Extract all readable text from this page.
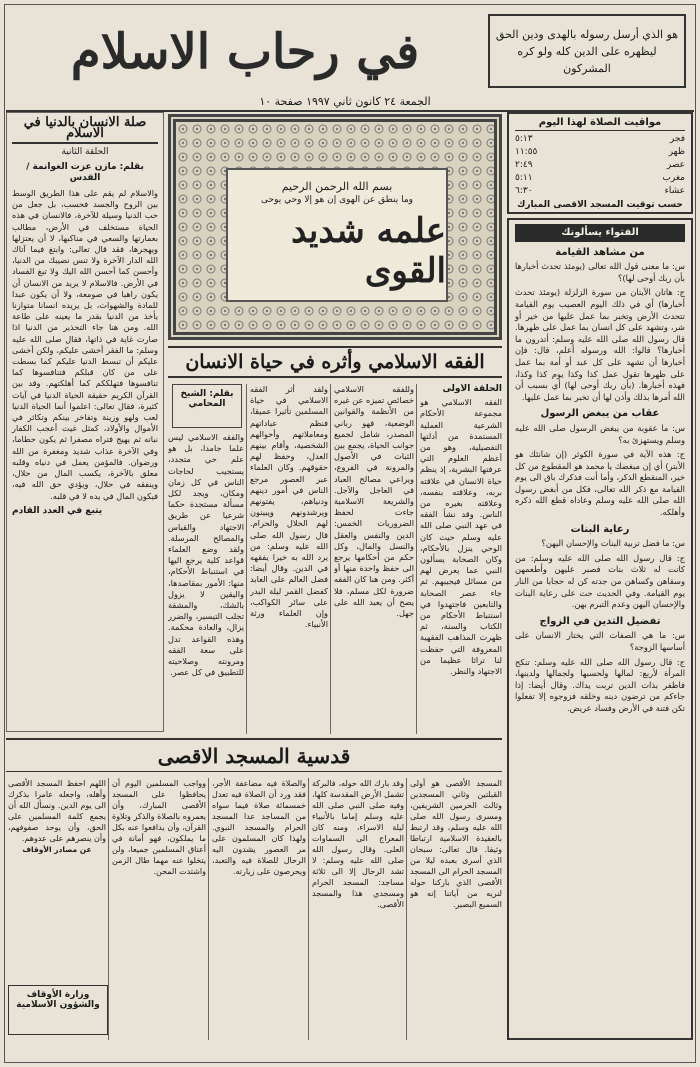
في رحاب الاسلام	هو الذي أرسل رسوله بالهدى ودين الحق ليظهره على الدين كله ولو كره المشركون
الجمعة ٢٤ كانون ثاني ١٩٩٧ صفحة ١٠
مواقيت الصلاة لهذا اليوم
فجر
٥:١٣
ظهر
١١:٥٥
عصر
٢:٤٩
مغرب
٥:١١
عشاء
٦:٣٠
حسب توقيت المسجد الاقصى المبارك
الفتواء يسألونك
من مشاهد القيامة

س: ما معنى قول الله تعالى (يومئذ تحدث أخبارها بأن ربك أوحى لها)؟

ج: هاتان الآيتان من سورة الزلزلة (يومئذ تحدث أخبارها) أي في ذلك اليوم العصيب يوم القيامة تتحدث الأرض وتخبر بما عمل عليها من خير أو شر، وتشهد على كل انسان بما عمل على ظهرها. قال رسول الله صلى الله عليه وسلم: أتدرون ما أخبارها؟ قالوا: الله ورسوله أعلم، قال: فإن أخبارها أن تشهد على كل عبد أو أمة بما عمل على ظهرها تقول عمل كذا وكذا يوم كذا وكذا، فهذه أخبارها. (بأن ربك أوحى لها) أي بسبب أن الله أمرها بذلك وأذن لها أن تخبر بما عمل عليها.

عقاب من يبغض الرسول

س: ما عقوبة من يبغض الرسول صلى الله عليه وسلم ويستهزئ به؟

ج: هذه الآية في سورة الكوثر (إن شانئك هو الأبتر) أي إن مبغضك يا محمد هو المقطوع من كل خير، المنقطع الذكر، وأما أنت فذكرك باق الى يوم القيامة مع ذكر الله تعالى، فكل من أبغض رسول الله صلى الله عليه وسلم وعاداه قطع الله ذكره وأهلكه.

رعاية البنات

س: ما فضل تربية البنات والإحسان اليهن؟

ج: قال رسول الله صلى الله عليه وسلم: من كانت له ثلاث بنات فصبر عليهن وأطعمهن وسقاهن وكساهن من جدته كن له حجابا من النار يوم القيامة. وفي الحديث حث على رعاية البنات والإحسان اليهن وعدم التبرم بهن.

تفضيل التدين في الزواج

س: ما هي الصفات التي يختار الانسان على أساسها الزوجة؟

ج: قال رسول الله صلى الله عليه وسلم: تنكح المرأة لأربع: لمالها ولحسبها ولجمالها ولدينها، فاظفر بذات الدين تربت يداك. وقال أيضا: إذا جاءكم من ترضون دينه وخلقه فزوجوه إلا تفعلوا تكن فتنة في الأرض وفساد عريض.

صلة الانسان بالدنيا في الاسلام
الحلقة الثانية
بقلم: مازن عزت الغوانمة / القدس

والاسلام لم يقم على هذا الطريق الوسط بين الروح والجسد فحسب، بل جعل من حب الدنيا وسيلة للآخرة، فالانسان في هذه الحياة مستخلف في الأرض، مطالب بعمارتها والسعي في مناكبها، لا أن يعتزلها ويهجرها، فقد قال تعالى: وابتغ فيما آتاك الله الدار الآخرة ولا تنس نصيبك من الدنيا، وأحسن كما أحسن الله اليك ولا تبغ الفساد في الأرض. فالاسلام لا يريد من الانسان أن يكون راهبا في صومعة، ولا أن يكون عبدا للمادة والشهوات، بل يريده انسانا متوازنا يأخذ من الدنيا بقدر ما يعينه على طاعة الله. ومن هنا جاء التحذير من الدنيا اذا صارت غاية في ذاتها، فقال صلى الله عليه وسلم: ما الفقر أخشى عليكم، ولكن أخشى عليكم أن تبسط الدنيا عليكم كما بسطت على من كان قبلكم فتنافسوها كما تنافسوها فتهلككم كما أهلكتهم. وقد بين القرآن الكريم حقيقة الحياة الدنيا في آيات كثيرة، فقال تعالى: اعلموا أنما الحياة الدنيا لعب ولهو وزينة وتفاخر بينكم وتكاثر في الأموال والأولاد، كمثل غيث أعجب الكفار نباته ثم يهيج فتراه مصفرا ثم يكون حطاما، وفي الآخرة عذاب شديد ومغفرة من الله ورضوان. فالمؤمن يعمل في دنياه وقلبه معلق بالآخرة، يكسب المال من حلال، وينفقه في حلال، ويؤدي حق الله فيه، فيكون المال في يده لا في قلبه.

يتبع في العدد القادم
بسم الله الرحمن الرحيم
وما ينطق عن الهوى إن هو إلا وحي يوحى
علمه شديد القوى
الفقه الاسلامي وأثره في حياة الانسان
بقلم: الشيخ المحامي
الحلقة الأولى
الفقه الاسلامي هو مجموعة الأحكام الشرعية العملية المستمدة من أدلتها التفصيلية، وهو من أعظم العلوم التي عرفتها البشرية، إذ ينظم حياة الانسان في علاقته بربه، وعلاقته بنفسه، وعلاقته بغيره من الناس. وقد نشأ الفقه في عهد النبي صلى الله عليه وسلم حيث كان الوحي ينزل بالأحكام، وكان الصحابة يسألون النبي عما يعرض لهم من مسائل فيجيبهم. ثم جاء عصر الصحابة والتابعين فاجتهدوا في استنباط الأحكام من الكتاب والسنة، ثم ظهرت المذاهب الفقهية المعروفة التي حفظت لنا تراثا عظيما من الاجتهاد والنظر.
وللفقه الاسلامي خصائص تميزه عن غيره من الأنظمة والقوانين الوضعية، فهو رباني المصدر، شامل لجميع جوانب الحياة، يجمع بين الثبات في الأصول والمرونة في الفروع، ويراعي مصالح العباد في العاجل والآجل. والشريعة الاسلامية جاءت لحفظ الضروريات الخمس: الدين والنفس والعقل والنسل والمال، وكل حكم من أحكامها يرجع الى حفظ واحدة منها أو أكثر. ومن هنا كان الفقه ضرورة لكل مسلم، فلا يصح أن يعبد الله على جهل.
ولقد أثر الفقه الاسلامي في حياة المسلمين تأثيرا عميقا، فنظم عباداتهم ومعاملاتهم وأحوالهم الشخصية، وأقام بينهم العدل، وحفظ لهم حقوقهم. وكان العلماء عبر العصور مرجع الناس في أمور دينهم ودنياهم، يفتونهم ويرشدونهم ويبينون لهم الحلال والحرام. قال رسول الله صلى الله عليه وسلم: من يرد الله به خيرا يفقهه في الدين. وقال أيضا: فضل العالم على العابد كفضل القمر ليلة البدر على سائر الكواكب، وإن العلماء ورثة الأنبياء.
والفقه الاسلامي ليس علما جامدا، بل هو علم حي متجدد، يستجيب لحاجات الناس في كل زمان ومكان، ويجد لكل مسألة مستجدة حكما شرعيا عن طريق الاجتهاد والقياس والمصالح المرسلة. ولقد وضع العلماء قواعد كلية يرجع اليها في استنباط الأحكام، منها: الأمور بمقاصدها، واليقين لا يزول بالشك، والمشقة تجلب التيسير، والضرر يزال، والعادة محكمة. وهذه القواعد تدل على سعة الفقه ومرونته وصلاحيته للتطبيق في كل عصر.
قدسية المسجد الاقصى
المسجد الأقصى هو أولى القبلتين وثاني المسجدين وثالث الحرمين الشريفين، ومسرى رسول الله صلى الله عليه وسلم، وقد ارتبط بالعقيدة الاسلامية ارتباطا وثيقا. قال تعالى: سبحان الذي أسرى بعبده ليلا من المسجد الحرام الى المسجد الأقصى الذي باركنا حوله لنريه من آياتنا إنه هو السميع البصير.
وقد بارك الله حوله، فالبركة تشمل الأرض المقدسة كلها، وفيه صلى النبي صلى الله عليه وسلم إماما بالأنبياء ليلة الاسراء، ومنه كان المعراج الى السماوات العلى. وقال رسول الله صلى الله عليه وسلم: لا تشد الرحال إلا الى ثلاثة مساجد: المسجد الحرام ومسجدي هذا والمسجد الأقصى.
والصلاة فيه مضاعفة الأجر، فقد ورد أن الصلاة فيه تعدل خمسمائة صلاة فيما سواه من المساجد عدا المسجد الحرام والمسجد النبوي. ولهذا كان المسلمون على مر العصور يشدون اليه الرحال للصلاة فيه والتعبد، ويحرصون على زيارته.
وواجب المسلمين اليوم أن يحافظوا على المسجد الأقصى المبارك، وأن يعمروه بالصلاة والذكر وتلاوة القرآن، وأن يدافعوا عنه بكل ما يملكون، فهو أمانة في أعناق المسلمين جميعا، ولن يتخلوا عنه مهما طال الزمن واشتدت المحن.
اللهم احفظ المسجد الأقصى وأهله، واجعله عامرا بذكرك الى يوم الدين. ونسأل الله أن يجمع كلمة المسلمين على الحق، وأن يوحد صفوفهم، وأن ينصرهم على عدوهم.
عن مصادر الأوقاف
وزارة الأوقاف والشؤون الاسلامية
